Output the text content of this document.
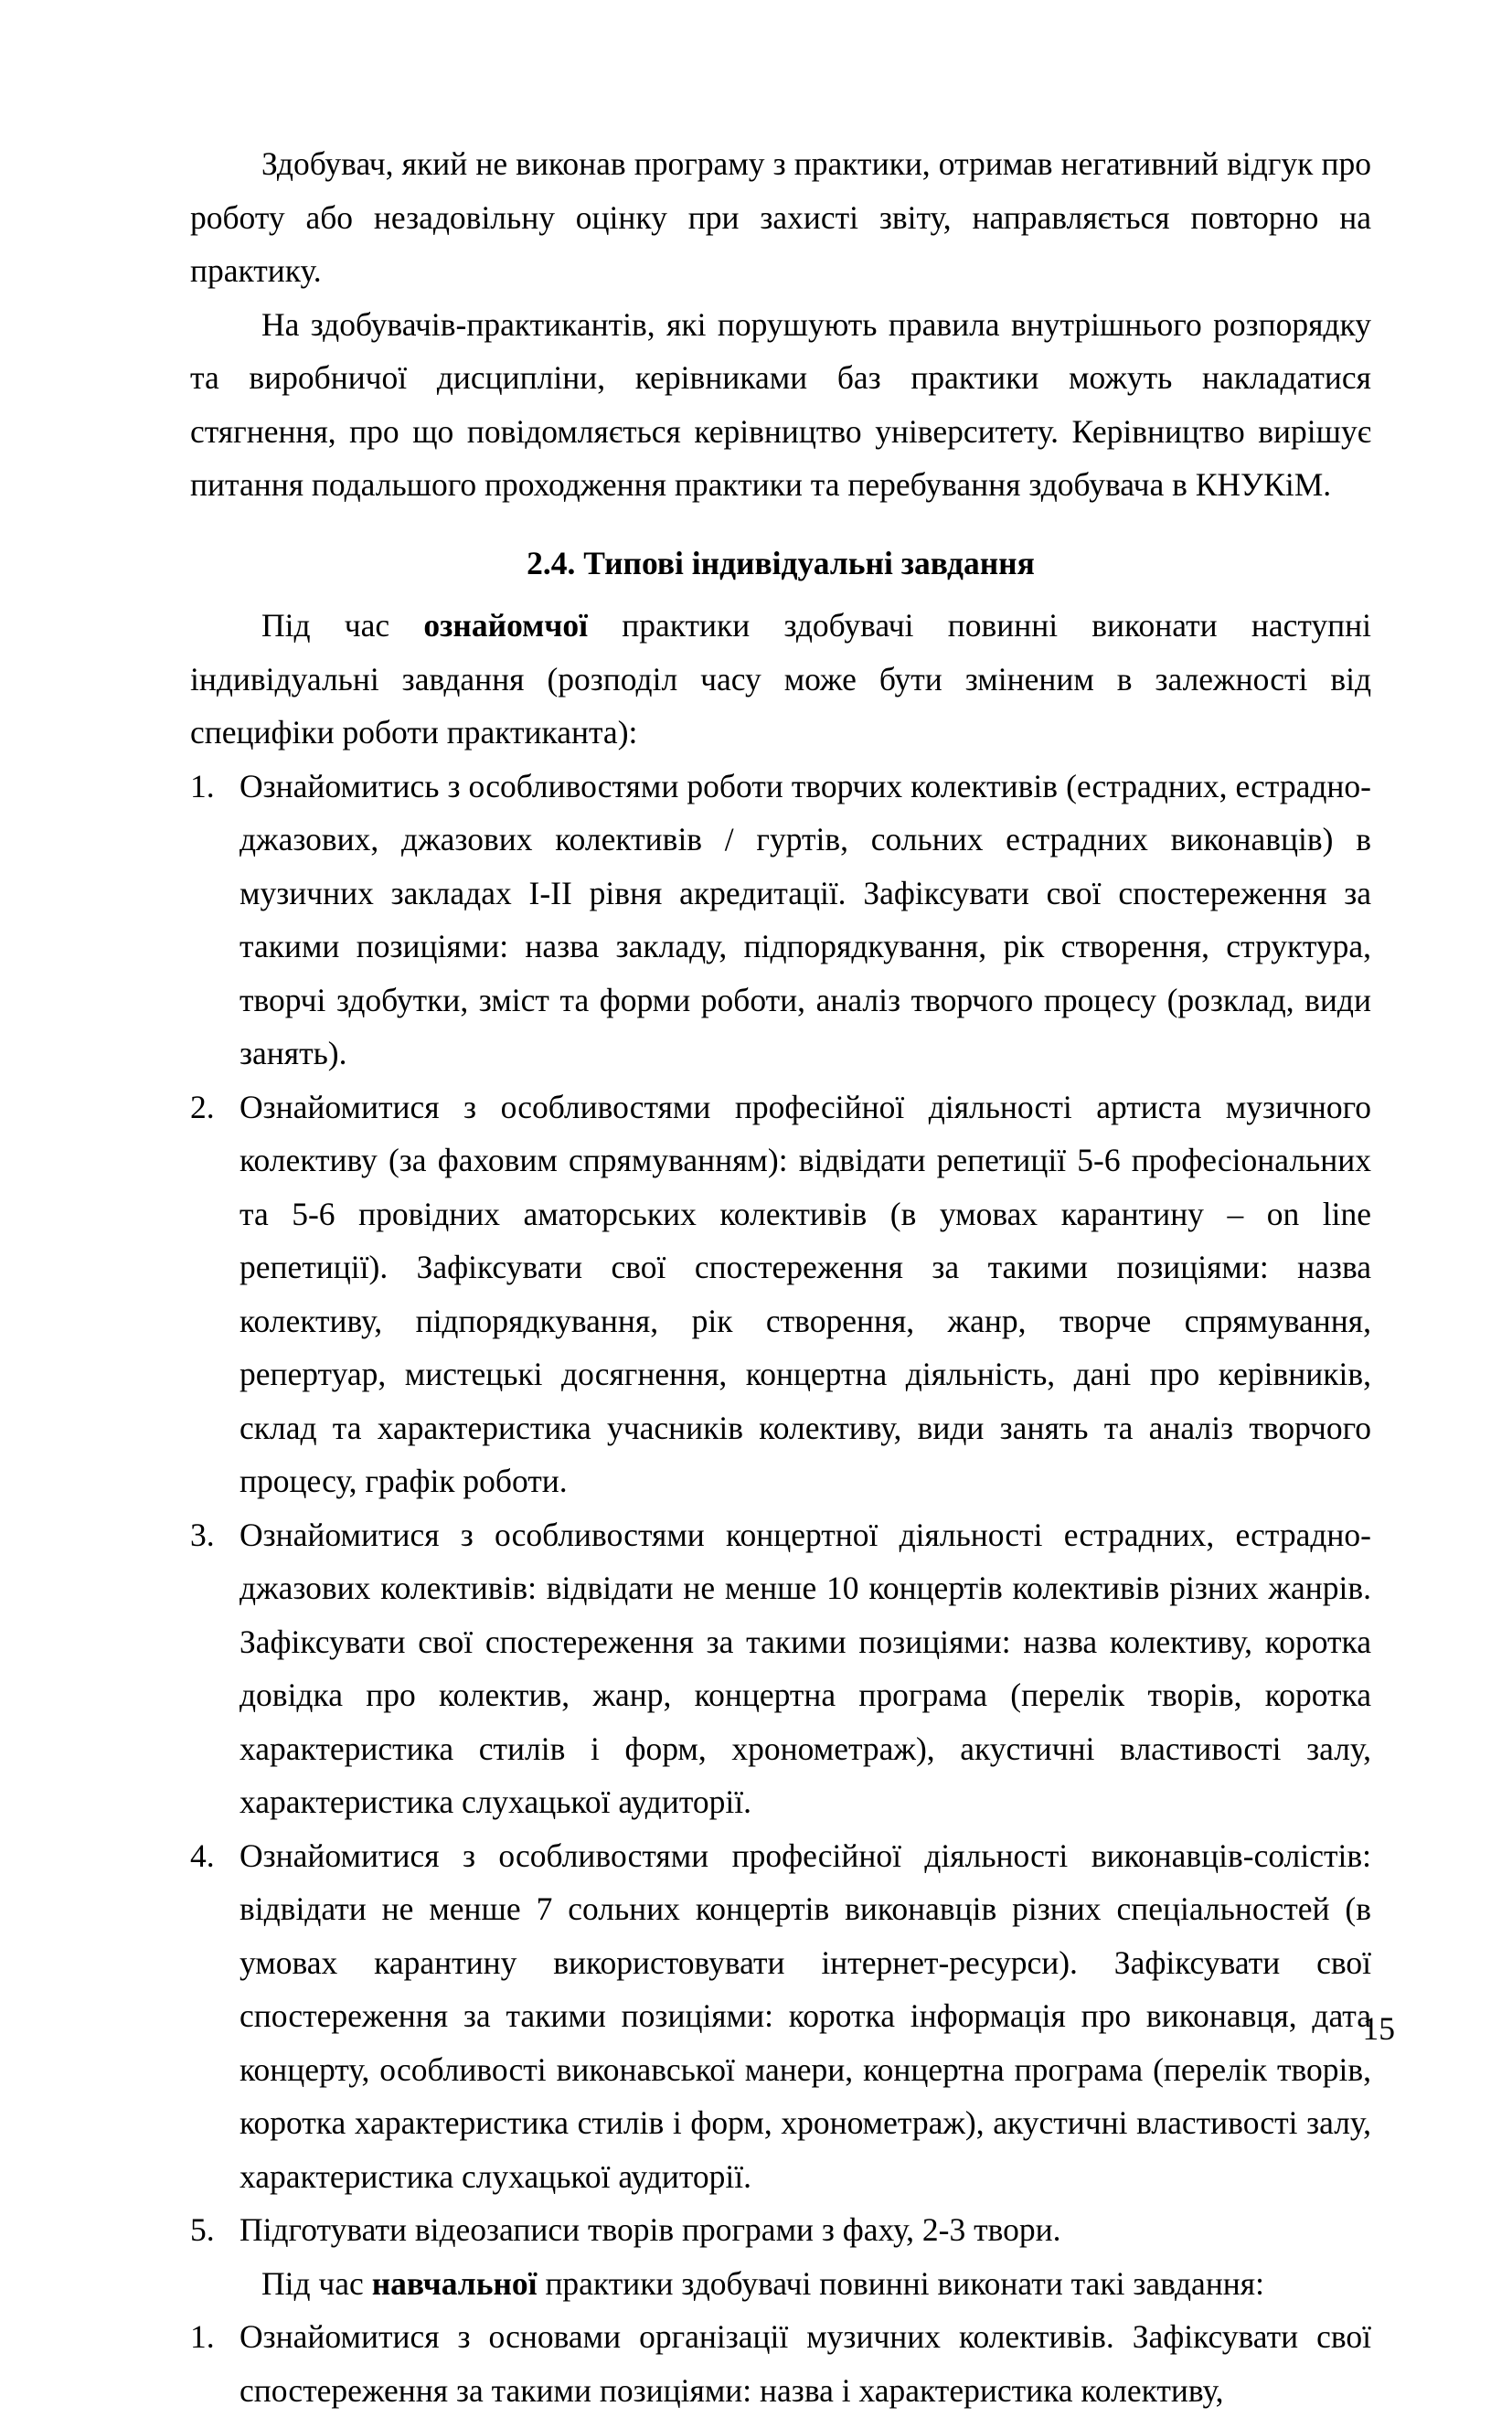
Здобувач, який не виконав програму з практики, отримав негативний відгук про роботу або незадовільну оцінку при захисті звіту, направляється повторно на практику.

На здобувачів-практикантів, які порушують правила внутрішнього розпорядку та виробничої дисципліни, керівниками баз практики можуть накладатися стягнення, про що повідомляється керівництво університету. Керівництво вирішує питання подальшого проходження практики та перебування здобувача в КНУКіМ.

2.4. Типові індивідуальні завдання

Під час ознайомчої практики здобувачі повинні виконати наступні індивідуальні завдання (розподіл часу може бути зміненим в залежності від специфіки роботи практиканта):

1. Ознайомитись з особливостями роботи творчих колективів (естрадних, естрадно-джазових, джазових колективів / гуртів, сольних естрадних виконавців) в музичних закладах I-II рівня акредитації. Зафіксувати свої спостереження за такими позиціями: назва закладу, підпорядкування, рік створення, структура, творчі здобутки, зміст та форми роботи, аналіз творчого процесу (розклад, види занять).
2. Ознайомитися з особливостями професійної діяльності артиста музичного колективу (за фаховим спрямуванням): відвідати репетиції 5-6 професіональних та 5-6 провідних аматорських колективів (в умовах карантину – on line репетиції). Зафіксувати свої спостереження за такими позиціями: назва колективу, підпорядкування, рік створення, жанр, творче спрямування, репертуар, мистецькі досягнення, концертна діяльність, дані про керівників, склад та характеристика учасників колективу, види занять та аналіз творчого процесу, графік роботи.
3. Ознайомитися з особливостями концертної діяльності естрадних, естрадно-джазових колективів: відвідати не менше 10 концертів колективів різних жанрів. Зафіксувати свої спостереження за такими позиціями: назва колективу, коротка довідка про колектив, жанр, концертна програма (перелік творів, коротка характеристика стилів і форм, хронометраж), акустичні властивості залу, характеристика слухацької аудиторії.
4. Ознайомитися з особливостями професійної діяльності виконавців-солістів: відвідати не менше 7 сольних концертів виконавців різних спеціальностей (в умовах карантину використовувати інтернет-ресурси). Зафіксувати свої спостереження за такими позиціями: коротка інформація про виконавця, дата концерту, особливості виконавської манери, концертна програма (перелік творів, коротка характеристика стилів і форм, хронометраж), акустичні властивості залу, характеристика слухацької аудиторії.
5. Підготувати відеозаписи творів програми з фаху, 2-3 твори.

Під час навчальної практики здобувачі повинні виконати такі завдання:

1. Ознайомитися з основами організації музичних колективів. Зафіксувати свої спостереження за такими позиціями: назва і характеристика колективу,
15
